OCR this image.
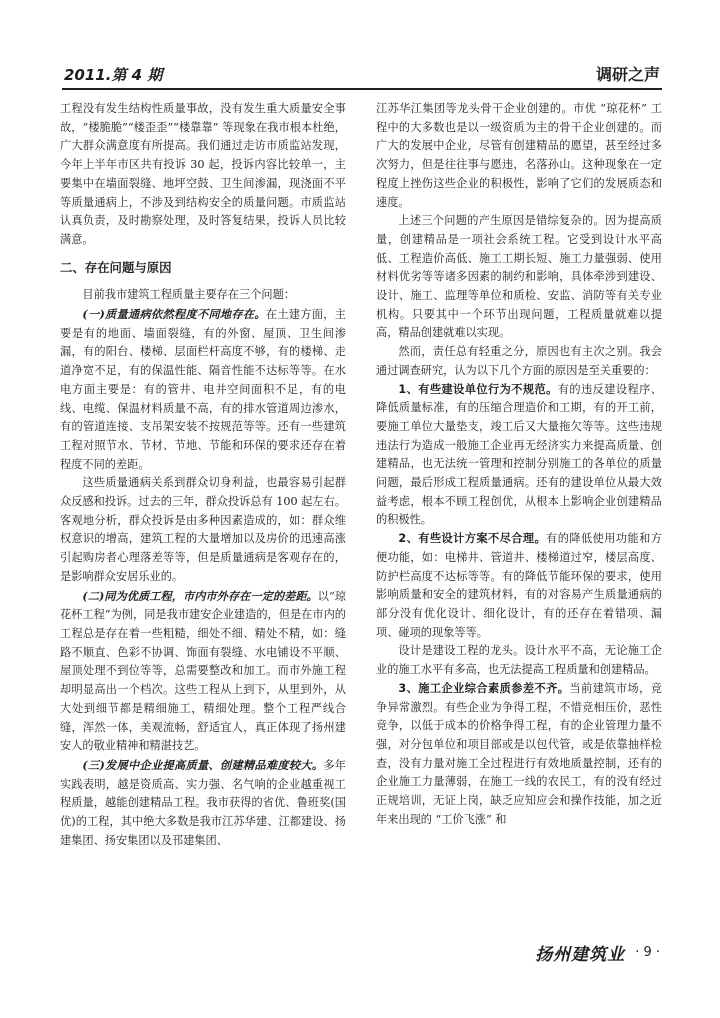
2011.第 4 期	调研之声

工程没有发生结构性质量事故，没有发生重大质量安全事故，“楼脆脆”“楼歪歪”“楼靠靠” 等现象在我市根本杜绝，广大群众满意度有所提高。我们通过走访市质监站发现，今年上半年市区共有投诉 30 起，投诉内容比较单一，主要集中在墙面裂缝、地坪空鼓、卫生间渗漏，现浇面不平等质量通病上，不涉及到结构安全的质量问题。市质监站认真负责，及时勘察处理，及时答复结果，投诉人员比较满意。

二、存在问题与原因

目前我市建筑工程质量主要存在三个问题：

(一)质量通病依然程度不同地存在。在土建方面，主要是有的地面、墙面裂缝，有的外窗、屋顶、卫生间渗漏，有的阳台、楼梯、层面栏杆高度不够，有的楼梯、走道净宽不足，有的保温性能、隔音性能不达标等等。在水电方面主要是：有的管井、电井空间面积不足，有的电线、电缆、保温材料质量不高，有的排水管道周边渗水，有的管道连接、支吊架安装不按规范等等。还有一些建筑工程对照节水、节材、节地、节能和环保的要求还存在着程度不同的差距。

这些质量通病关系到群众切身利益，也最容易引起群众反感和投诉。过去的三年，群众投诉总有 100 起左右。客观地分析，群众投诉是由多种因素造成的，如：群众维权意识的增高，建筑工程的大量增加以及房价的迅速高涨引起购房者心理落差等等，但是质量通病是客观存在的，是影响群众安居乐业的。

(二)同为优质工程，市内市外存在一定的差距。以“琼花杯工程”为例，同是我市建安企业建造的，但是在市内的工程总是存在着一些粗糙，细处不细、精处不精，如：缝路不顺直、色彩不协调、饰面有裂缝、水电铺设不平顺、屋顶处理不到位等等，总需要整改和加工。而市外施工程却明显高出一个档次。这些工程从上到下，从里到外，从大处到细节都是精细施工，精细处理。整个工程严线合缝，浑然一体，美观流畅，舒适宜人，真正体现了扬州建安人的敬业精神和精湛技艺。

(三)发展中企业提高质量、创建精品难度较大。多年实践表明，越是资质高、实力强、名气响的企业越重视工程质量，越能创建精品工程。我市获得的省优、鲁班奖(国优)的工程，其中绝大多数是我市江苏华建、江都建设、扬建集团、扬安集团以及邗建集团、

江苏华江集团等龙头骨干企业创建的。市优 “琼花杯” 工程中的大多数也是以一级资质为主的骨干企业创建的。而广大的发展中企业，尽管有创建精品的愿望，甚至经过多次努力，但是往往事与愿违，名落孙山。这种现象在一定程度上挫伤这些企业的积极性，影响了它们的发展质态和速度。

上述三个问题的产生原因是错综复杂的。因为提高质量，创建精品是一项社会系统工程。它受到设计水平高低、工程造价高低、施工工期长短、施工力量强弱、使用材料优劣等等诸多因素的制约和影响，具体牵涉到建设、设计、施工、监理等单位和质检、安监、消防等有关专业机构。只要其中一个环节出现问题，工程质量就难以提高，精品创建就难以实现。

然而，责任总有轻重之分，原因也有主次之别。我会通过调查研究，认为以下几个方面的原因是至关重要的：

1、有些建设单位行为不规范。有的违反建设程序、降低质量标准，有的压缩合理造价和工期，有的开工前，要施工单位大量垫支，竣工后又大量拖欠等等。这些违规违法行为造成一般施工企业再无经济实力来提高质量、创建精品，也无法统一管理和控制分别施工的各单位的质量问题，最后形成工程质量通病。还有的建设单位从最大效益考虑，根本不顾工程创优，从根本上影响企业创建精品的积极性。

2、有些设计方案不尽合理。有的降低使用功能和方便功能，如：电梯井、管道井、楼梯道过窄，楼层高度、防护栏高度不达标等等。有的降低节能环保的要求，使用影响质量和安全的建筑材料，有的对容易产生质量通病的部分没有优化设计、细化设计，有的还存在着错项、漏项、碰项的现象等等。

设计是建设工程的龙头。设计水平不高，无论施工企业的施工水平有多高，也无法提高工程质量和创建精品。

3、施工企业综合素质参差不齐。当前建筑市场，竞争异常激烈。有些企业为争得工程，不惜竞相压价，恶性竞争，以低于成本的价格争得工程，有的企业管理力量不强，对分包单位和项目部或是以包代管，或是依靠抽样检查，没有力量对施工全过程进行有效地质量控制，还有的企业施工力量薄弱，在施工一线的农民工，有的没有经过正规培训，无证上岗，缺乏应知应会和操作技能，加之近年来出现的 “工价飞涨” 和

扬州建筑业 · 9 ·
